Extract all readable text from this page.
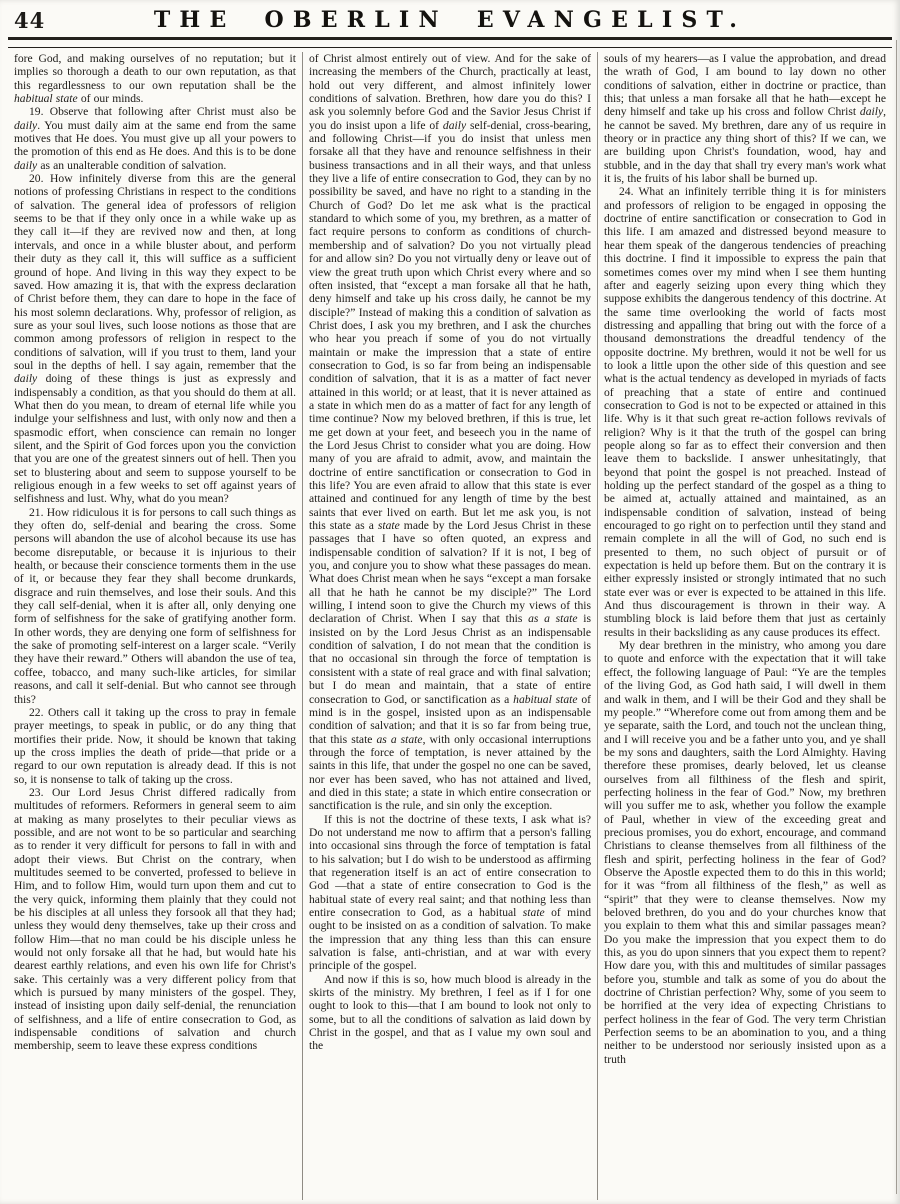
44	THE OBERLIN EVANGELIST.

fore God, and making ourselves of no reputation; but it implies so thorough a death to our own reputation, as that this regardlessness to our own reputation shall be the habitual state of our minds.

19. Observe that following after Christ must also be daily. You must daily aim at the same end from the same motives that He does. You must give up all your powers to the promotion of this end as He does. And this is to be done daily as an unalterable condition of salvation.

20. How infinitely diverse from this are the general notions of professing Christians in respect to the conditions of salvation. The general idea of professors of religion seems to be that if they only once in a while wake up as they call it—if they are revived now and then, at long intervals, and once in a while bluster about, and perform their duty as they call it, this will suffice as a sufficient ground of hope. And living in this way they expect to be saved. How amazing it is, that with the express declaration of Christ before them, they can dare to hope in the face of his most solemn declarations. Why, professor of religion, as sure as your soul lives, such loose notions as those that are common among professors of religion in respect to the conditions of salvation, will if you trust to them, land your soul in the depths of hell. I say again, remember that the daily doing of these things is just as expressly and indispensably a condition, as that you should do them at all. What then do you mean, to dream of eternal life while you indulge your selfishness and lust, with only now and then a spasmodic effort, when conscience can remain no longer silent, and the Spirit of God forces upon you the conviction that you are one of the greatest sinners out of hell. Then you set to blustering about and seem to suppose yourself to be religious enough in a few weeks to set off against years of selfishness and lust. Why, what do you mean?

21. How ridiculous it is for persons to call such things as they often do, self-denial and bearing the cross. Some persons will abandon the use of alcohol because its use has become disreputable, or because it is injurious to their health, or because their conscience torments them in the use of it, or because they fear they shall become drunkards, disgrace and ruin themselves, and lose their souls. And this they call self-denial, when it is after all, only denying one form of selfishness for the sake of gratifying another form. In other words, they are denying one form of selfishness for the sake of promoting self-interest on a larger scale. “Verily they have their reward.” Others will abandon the use of tea, coffee, tobacco, and many such-like articles, for similar reasons, and call it self-denial. But who cannot see through this?

22. Others call it taking up the cross to pray in female prayer meetings, to speak in public, or do any thing that mortifies their pride. Now, it should be known that taking up the cross implies the death of pride—that pride or a regard to our own reputation is already dead. If this is not so, it is nonsense to talk of taking up the cross.

23. Our Lord Jesus Christ differed radically from multitudes of reformers. Reformers in general seem to aim at making as many proselytes to their peculiar views as possible, and are not wont to be so particular and searching as to render it very difficult for persons to fall in with and adopt their views. But Christ on the contrary, when multitudes seemed to be converted, professed to believe in Him, and to follow Him, would turn upon them and cut to the very quick, informing them plainly that they could not be his disciples at all unless they forsook all that they had; unless they would deny themselves, take up their cross and follow Him—that no man could be his disciple unless he would not only forsake all that he had, but would hate his dearest earthly relations, and even his own life for Christ's sake. This certainly was a very different policy from that which is pursued by many ministers of the gospel. They, instead of insisting upon daily self-denial, the renunciation of selfishness, and a life of entire consecration to God, as indispensable conditions of salvation and church membership, seem to leave these express conditions

of Christ almost entirely out of view. And for the sake of increasing the members of the Church, practically at least, hold out very different, and almost infinitely lower conditions of salvation. Brethren, how dare you do this? I ask you solemnly before God and the Savior Jesus Christ if you do insist upon a life of daily self-denial, cross-bearing, and following Christ—if you do insist that unless men forsake all that they have and renounce selfishness in their business transactions and in all their ways, and that unless they live a life of entire consecration to God, they can by no possibility be saved, and have no right to a standing in the Church of God? Do let me ask what is the practical standard to which some of you, my brethren, as a matter of fact require persons to conform as conditions of church-membership and of salvation? Do you not virtually plead for and allow sin? Do you not virtually deny or leave out of view the great truth upon which Christ every where and so often insisted, that “except a man forsake all that he hath, deny himself and take up his cross daily, he cannot be my disciple?” Instead of making this a condition of salvation as Christ does, I ask you my brethren, and I ask the churches who hear you preach if some of you do not virtually maintain or make the impression that a state of entire consecration to God, is so far from being an indispensable condition of salvation, that it is as a matter of fact never attained in this world; or at least, that it is never attained as a state in which men do as a matter of fact for any length of time continue? Now my beloved brethren, if this is true, let me get down at your feet, and beseech you in the name of the Lord Jesus Christ to consider what you are doing. How many of you are afraid to admit, avow, and maintain the doctrine of entire sanctification or consecration to God in this life? You are even afraid to allow that this state is ever attained and continued for any length of time by the best saints that ever lived on earth. But let me ask you, is not this state as a state made by the Lord Jesus Christ in these passages that I have so often quoted, an express and indispensable condition of salvation? If it is not, I beg of you, and conjure you to show what these passages do mean. What does Christ mean when he says “except a man forsake all that he hath he cannot be my disciple?” The Lord willing, I intend soon to give the Church my views of this declaration of Christ. When I say that this as a state is insisted on by the Lord Jesus Christ as an indispensable condition of salvation, I do not mean that the condition is that no occasional sin through the force of temptation is consistent with a state of real grace and with final salvation; but I do mean and maintain, that a state of entire consecration to God, or sanctification as a habitual state of mind is in the gospel, insisted upon as an indispensable condition of salvation; and that it is so far from being true, that this state as a state, with only occasional interruptions through the force of temptation, is never attained by the saints in this life, that under the gospel no one can be saved, nor ever has been saved, who has not attained and lived, and died in this state; a state in which entire consecration or sanctification is the rule, and sin only the exception.

If this is not the doctrine of these texts, I ask what is? Do not understand me now to affirm that a person's falling into occasional sins through the force of temptation is fatal to his salvation; but I do wish to be understood as affirming that regeneration itself is an act of entire consecration to God —that a state of entire consecration to God is the habitual state of every real saint; and that nothing less than entire consecration to God, as a habitual state of mind ought to be insisted on as a condition of salvation. To make the impression that any thing less than this can ensure salvation is false, anti-christian, and at war with every principle of the gospel.

And now if this is so, how much blood is already in the skirts of the ministry. My brethren, I feel as if I for one ought to look to this—that I am bound to look not only to some, but to all the conditions of salvation as laid down by Christ in the gospel, and that as I value my own soul and the

souls of my hearers—as I value the approbation, and dread the wrath of God, I am bound to lay down no other conditions of salvation, either in doctrine or practice, than this; that unless a man forsake all that he hath—except he deny himself and take up his cross and follow Christ daily, he cannot be saved. My brethren, dare any of us require in theory or in practice any thing short of this? If we can, we are building upon Christ's foundation, wood, hay and stubble, and in the day that shall try every man's work what it is, the fruits of his labor shall be burned up.

24. What an infinitely terrible thing it is for ministers and professors of religion to be engaged in opposing the doctrine of entire sanctification or consecration to God in this life. I am amazed and distressed beyond measure to hear them speak of the dangerous tendencies of preaching this doctrine. I find it impossible to express the pain that sometimes comes over my mind when I see them hunting after and eagerly seizing upon every thing which they suppose exhibits the dangerous tendency of this doctrine. At the same time overlooking the world of facts most distressing and appalling that bring out with the force of a thousand demonstrations the dreadful tendency of the opposite doctrine. My brethren, would it not be well for us to look a little upon the other side of this question and see what is the actual tendency as developed in myriads of facts of preaching that a state of entire and continued consecration to God is not to be expected or attained in this life. Why is it that such great re-action follows revivals of religion? Why is it that the truth of the gospel can bring people along so far as to effect their conversion and then leave them to backslide. I answer unhesitatingly, that beyond that point the gospel is not preached. Instead of holding up the perfect standard of the gospel as a thing to be aimed at, actually attained and maintained, as an indispensable condition of salvation, instead of being encouraged to go right on to perfection until they stand and remain complete in all the will of God, no such end is presented to them, no such object of pursuit or of expectation is held up before them. But on the contrary it is either expressly insisted or strongly intimated that no such state ever was or ever is expected to be attained in this life. And thus discouragement is thrown in their way. A stumbling block is laid before them that just as certainly results in their backsliding as any cause produces its effect.

My dear brethren in the ministry, who among you dare to quote and enforce with the expectation that it will take effect, the following language of Paul: “Ye are the temples of the living God, as God hath said, I will dwell in them and walk in them, and I will be their God and they shall be my people.” “Wherefore come out from among them and be ye separate, saith the Lord, and touch not the unclean thing, and I will receive you and be a father unto you, and ye shall be my sons and daughters, saith the Lord Almighty. Having therefore these promises, dearly beloved, let us cleanse ourselves from all filthiness of the flesh and spirit, perfecting holiness in the fear of God.” Now, my brethren will you suffer me to ask, whether you follow the example of Paul, whether in view of the exceeding great and precious promises, you do exhort, encourage, and command Christians to cleanse themselves from all filthiness of the flesh and spirit, perfecting holiness in the fear of God? Observe the Apostle expected them to do this in this world; for it was “from all filthiness of the flesh,” as well as “spirit” that they were to cleanse themselves. Now my beloved brethren, do you and do your churches know that you explain to them what this and similar passages mean? Do you make the impression that you expect them to do this, as you do upon sinners that you expect them to repent? How dare you, with this and multitudes of similar passages before you, stumble and talk as some of you do about the doctrine of Christian perfection? Why, some of you seem to be horrified at the very idea of expecting Christians to perfect holiness in the fear of God. The very term Christian Perfection seems to be an abomination to you, and a thing neither to be understood nor seriously insisted upon as a truth
